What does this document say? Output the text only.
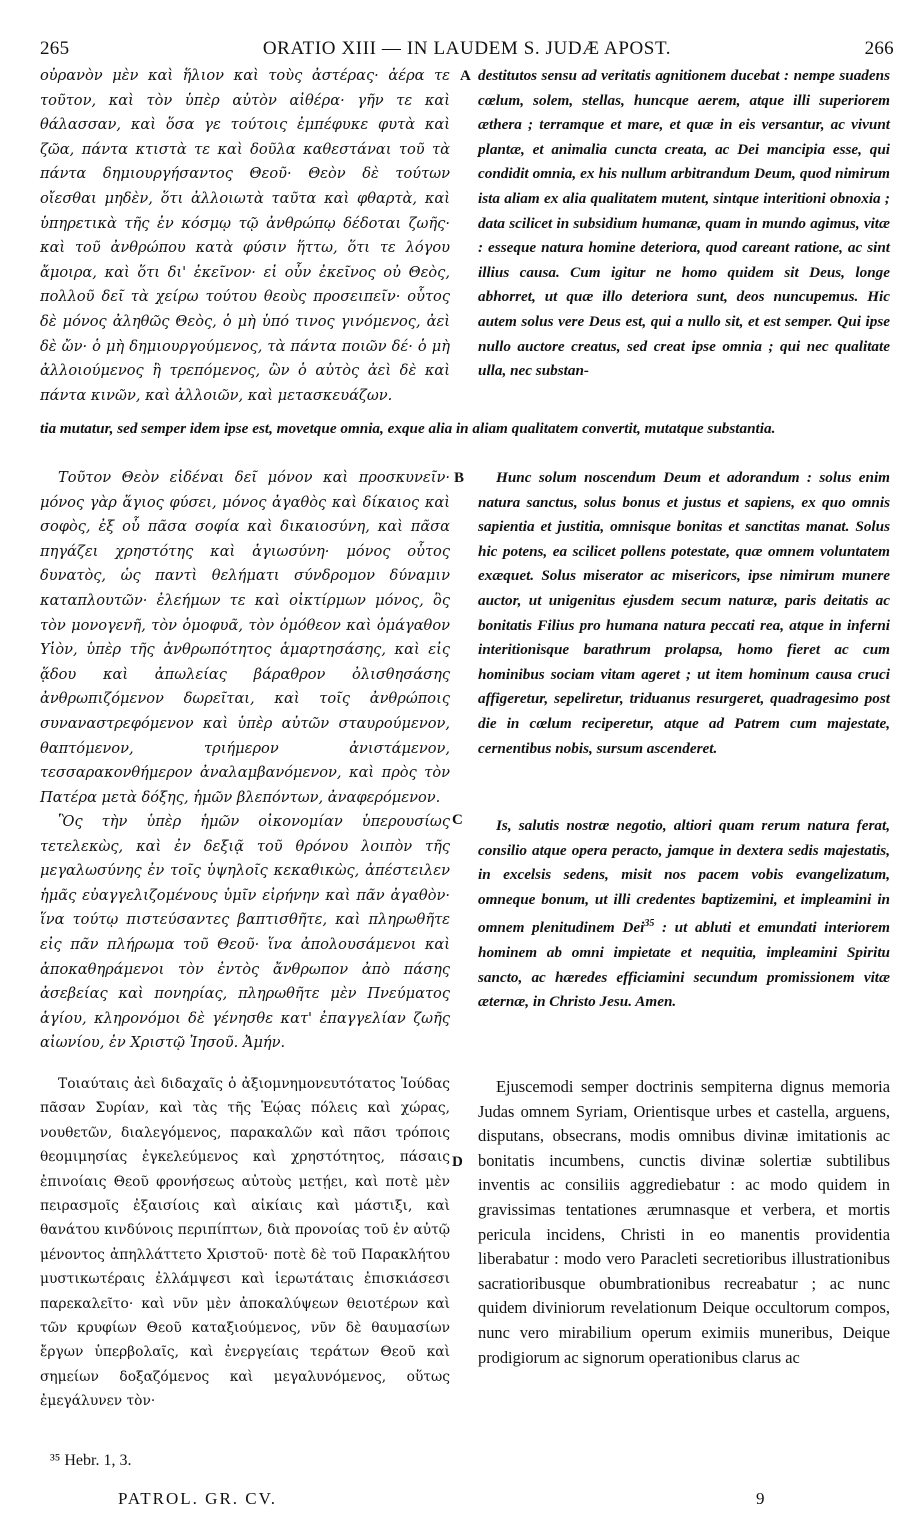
265	ORATIO XIII — IN LAUDEM S. JUDÆ APOST.	266

οὐρανὸν μὲν καὶ ἥλιον καὶ τοὺς ἀστέρας· ἀέρα τε τοῦτον, καὶ τὸν ὑπὲρ αὐτὸν αἰθέρα· γῆν τε καὶ θάλασσαν, καὶ ὅσα γε τούτοις ἐμπέφυκε φυτὰ καὶ ζῶα, πάντα κτιστὰ τε καὶ δοῦλα καθεστάναι τοῦ τὰ πάντα δημιουργήσαντος Θεοῦ· Θεὸν δὲ τούτων οἴεσθαι μηδὲν, ὅτι ἀλλοιωτὰ ταῦτα καὶ φθαρτὰ, καὶ ὑπηρετικὰ τῆς ἐν κόσμῳ τῷ ἀνθρώπῳ δέδοται ζωῆς· καὶ τοῦ ἀνθρώπου κατὰ φύσιν ἥττω, ὅτι τε λόγου ἄμοιρα, καὶ ὅτι δι' ἐκεῖνον· εἰ οὖν ἐκεῖνος οὐ Θεὸς, πολλοῦ δεῖ τὰ χείρω τούτου θεοὺς προσειπεῖν· οὗτος δὲ μόνος ἀληθῶς Θεὸς, ὁ μὴ ὑπό τινος γινόμενος, ἀεὶ δὲ ὤν· ὁ μὴ δημιουργούμενος, τὰ πάντα ποιῶν δέ· ὁ μὴ ἀλλοιούμενος ἢ τρεπόμενος, ὢν ὁ αὐτὸς ἀεὶ δὲ καὶ πάντα κινῶν, καὶ ἀλλοιῶν, καὶ μετασκευάζων.

A destitutos sensu ad veritatis agnitionem ducebat : nempe suadens cœlum, solem, stellas, huncque aerem, atque illi superiorem æthera ; terramque et mare, et quæ in eis versantur, ac vivunt plantæ, et animalia cuncta creata, ac Dei mancipia esse, qui condidit omnia, ex his nullum arbitrandum Deum, quod nimirum ista aliam ex alia qualitatem mutent, sintque interitioni obnoxia ; data scilicet in subsidium humanæ, quam in mundo agimus, vitæ : esseque natura homine deteriora, quod careant ratione, ac sint illius causa. Cum igitur ne homo quidem sit Deus, longe abhorret, ut quæ illo deteriora sunt, deos nuncupemus. Hic autem solus vere Deus est, qui a nullo sit, et est semper. Qui ipse nullo auctore creatus, sed creat ipse omnia ; qui nec qualitate ulla, nec substan-

tia mutatur, sed semper idem ipse est, movetque omnia, exque alia in aliam qualitatem convertit, mutatque substantia.

Τοῦτον Θεὸν εἰδέναι δεῖ μόνον καὶ προσκυνεῖν· μόνος γὰρ ἅγιος φύσει, μόνος ἀγαθὸς καὶ δίκαιος καὶ σοφὸς, ἐξ οὗ πᾶσα σοφία καὶ δικαιοσύνη, καὶ πᾶσα πηγάζει χρηστότης καὶ ἁγιωσύνη· μόνος οὗτος δυνατὸς, ὡς παντὶ θελήματι σύνδρομον δύναμιν καταπλουτῶν· ἐλεήμων τε καὶ οἰκτίρμων μόνος, ὃς τὸν μονογενῆ, τὸν ὁμοφυᾶ, τὸν ὁμόθεον καὶ ὁμάγαθον Υἱὸν, ὑπὲρ τῆς ἀνθρωπότητος ἁμαρτησάσης, καὶ εἰς ᾅδου καὶ ἀπωλείας βάραθρον ὀλισθησάσης ἀνθρωπιζόμενον δωρεῖται, καὶ τοῖς ἀνθρώποις συναναστρεφόμενον καὶ ὑπὲρ αὐτῶν σταυρούμενον, θαπτόμενον, τριήμερον ἀνιστάμενον, τεσσαρακονθήμερον ἀναλαμβανόμενον, καὶ πρὸς τὸν Πατέρα μετὰ δόξης, ἡμῶν βλεπόντων, ἀναφερόμενον.

B	Hunc solum noscendum Deum et adorandum : solus enim natura sanctus, solus bonus et justus et sapiens, ex quo omnis sapientia et justitia, omnisque bonitas et sanctitas manat. Solus hic potens, ea scilicet pollens potestate, quæ omnem voluntatem exæquet. Solus miserator ac misericors, ipse nimirum munere auctor, ut unigenitus ejusdem secum naturæ, paris deitatis ac bonitatis Filius pro humana natura peccati rea, atque in inferni interitionisque barathrum prolapsa, homo fieret ac cum hominibus sociam vitam ageret ; ut item hominum causa cruci affigeretur, sepeliretur, triduanus resurgeret, quadragesimo post die in cœlum reciperetur, atque ad Patrem cum majestate, cernentibus nobis, sursum ascenderet.

Ὃς τὴν ὑπὲρ ἡμῶν οἰκονομίαν ὑπερουσίως τετελεκὼς, καὶ ἐν δεξιᾷ τοῦ θρόνου λοιπὸν τῆς μεγαλωσύνης ἐν τοῖς ὑψηλοῖς κεκαθικὼς, ἀπέστειλεν ἡμᾶς εὐαγγελιζομένους ὑμῖν εἰρήνην καὶ πᾶν ἀγαθὸν· ἵνα τούτῳ πιστεύσαντες βαπτισθῆτε, καὶ πληρωθῆτε εἰς πᾶν πλήρωμα τοῦ Θεοῦ· ἵνα ἀπολουσάμενοι καὶ ἀποκαθηράμενοι τὸν ἐντὸς ἄνθρωπον ἀπὸ πάσης ἀσεβείας καὶ πονηρίας, πληρωθῆτε μὲν Πνεύματος ἁγίου, κληρονόμοι δὲ γένησθε κατ' ἐπαγγελίαν ζωῆς αἰωνίου, ἐν Χριστῷ Ἰησοῦ. Ἀμήν.

C	Is, salutis nostræ negotio, altiori quam rerum natura ferat, consilio atque opera peracto, jamque in dextera sedis majestatis, in excelsis sedens, misit nos pacem vobis evangelizatum, omneque bonum, ut illi credentes baptizemini, et impleamini in omnem plenitudinem Dei$^{35}$ : ut abluti et emundati interiorem hominem ab omni impietate et nequitia, impleamini Spiritu sancto, ac hæredes efficiamini secundum promissionem vitæ æternæ, in Christo Jesu. Amen.

Τοιαύταις ἀεὶ διδαχαῖς ὁ ἀξιομνημονευτότατος Ἰούδας πᾶσαν Συρίαν, καὶ τὰς τῆς Ἑῴας πόλεις καὶ χώρας, νουθετῶν, διαλεγόμενος, παρακαλῶν καὶ πᾶσι τρόποις θεομιμησίας ἐγκελεύμενος καὶ χρηστότητος, πάσαις ἐπινοίαις Θεοῦ φρονήσεως αὐτοὺς μετῄει, καὶ ποτὲ μὲν πειρασμοῖς ἐξαισίοις καὶ αἰκίαις καὶ μάστιξι, καὶ θανάτου κινδύνοις περιπίπτων, διὰ προνοίας τοῦ ἐν αὐτῷ μένοντος ἀπηλλάττετο Χριστοῦ· ποτὲ δὲ τοῦ Παρακλήτου μυστικωτέραις ἐλλάμψεσι καὶ ἱερωτάταις ἐπισκιάσεσι παρεκαλεῖτο· καὶ νῦν μὲν ἀποκαλύψεων θειοτέρων καὶ τῶν κρυφίων Θεοῦ καταξιούμενος, νῦν δὲ θαυμασίων ἔργων ὑπερβολαῖς, καὶ ἐνεργείαις τεράτων Θεοῦ καὶ σημείων δοξαζόμενος καὶ μεγαλυνόμενος, οὕτως ἐμεγάλυνεν τὸν·

D

Ejuscemodi semper doctrinis sempiterna dignus memoria Judas omnem Syriam, Orientisque urbes et castella, arguens, disputans, obsecrans, modis omnibus divinæ imitationis ac bonitatis incumbens, cunctis divinæ solertiæ subtilibus inventis ac consiliis aggrediebatur : ac modo quidem in gravissimas tentationes ærumnasque et verbera, et mortis pericula incidens, Christi in eo manentis providentia liberabatur : modo vero Paracleti secretioribus illustrationibus sacratioribusque obumbrationibus recreabatur ; ac nunc quidem diviniorum revelationum Deique occultorum compos, nunc vero mirabilium operum eximiis muneribus, Deique prodigiorum ac signorum operationibus clarus ac

³⁵ Hebr. 1, 3.
PATROL. GR. CV.	9
